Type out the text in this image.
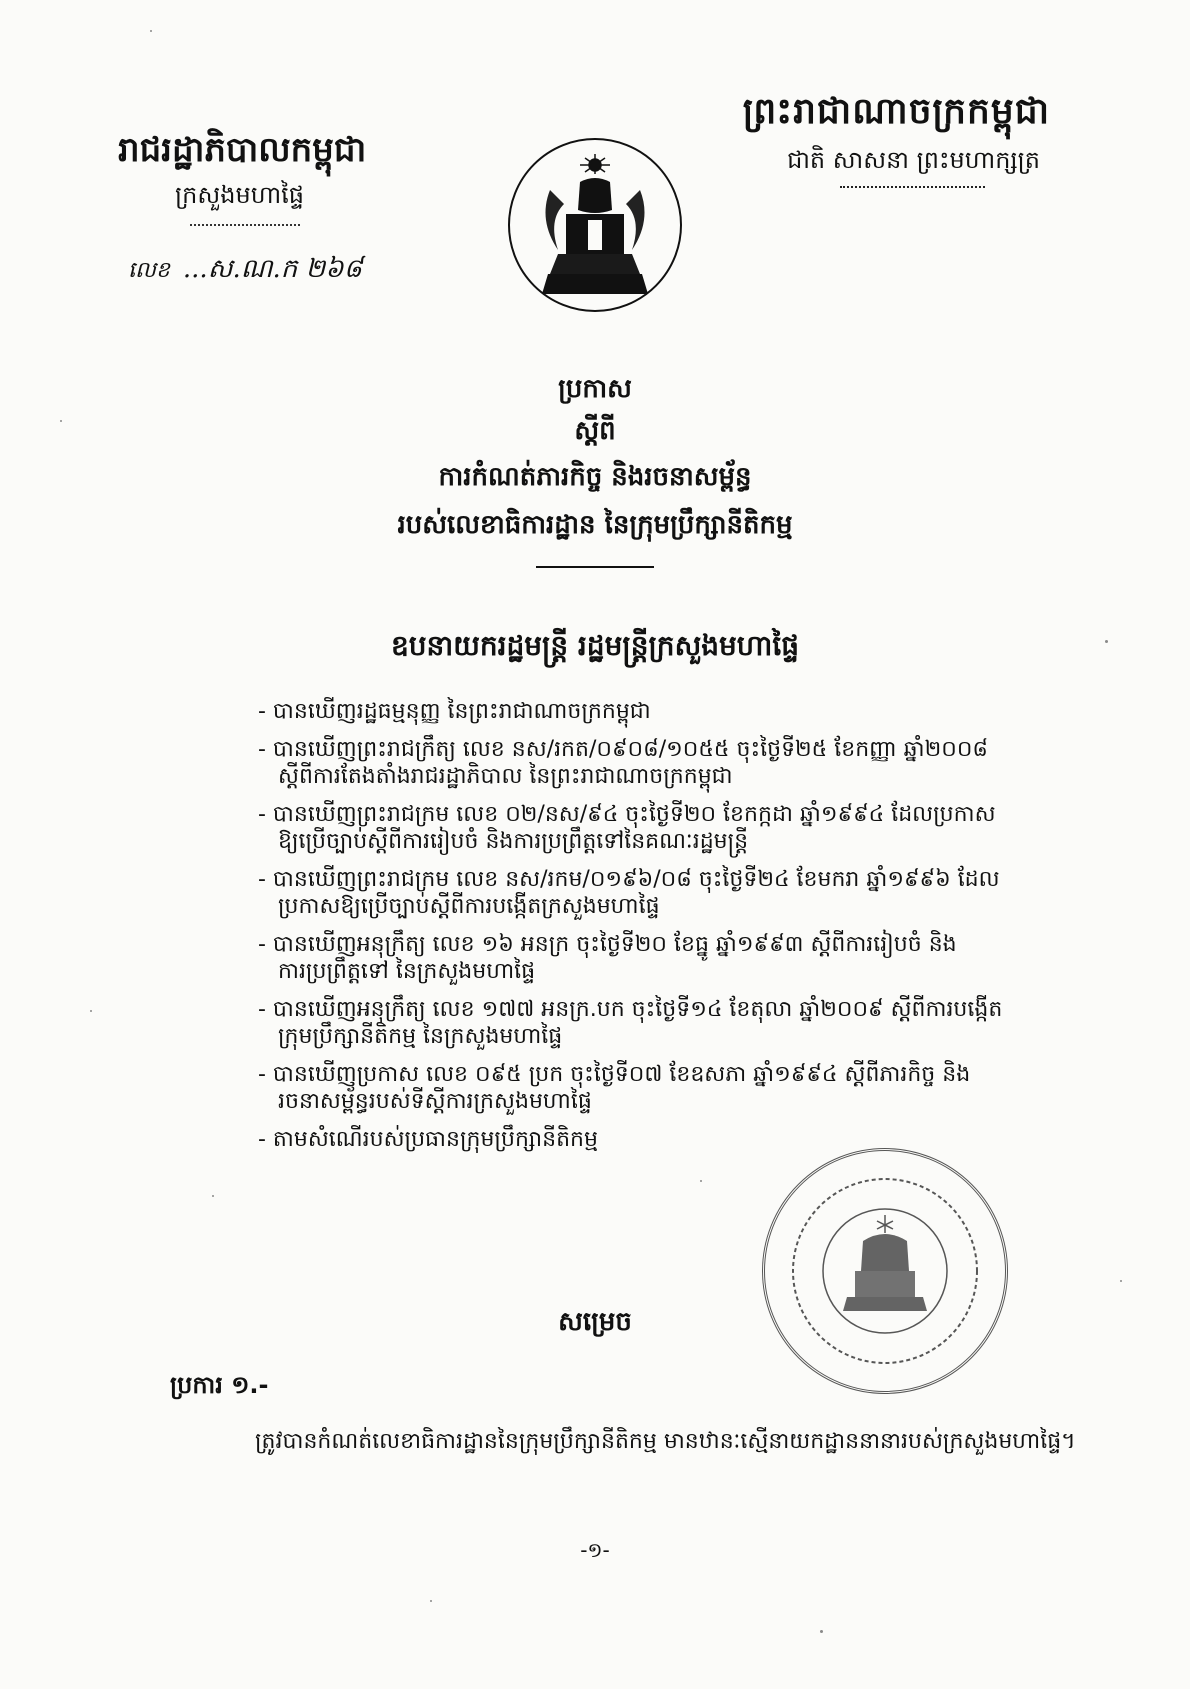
ព្រះរាជាណាចក្រកម្ពុជា
ជាតិ សាសនា ព្រះមហាក្សត្រ
រាជរដ្ឋាភិបាលកម្ពុជា
ក្រសួងមហាផ្ទៃ
លេខ ...ស.ណ.ក ២៦៨
ប្រកាស
ស្ដីពី
ការកំណត់ភារកិច្ច និងរចនាសម្ព័ន្ធ
របស់លេខាធិការដ្ឋាន នៃក្រុមប្រឹក្សានីតិកម្ម
ឧបនាយករដ្ឋមន្ត្រី រដ្ឋមន្ត្រីក្រសួងមហាផ្ទៃ
- បានឃើញរដ្ឋធម្មនុញ្ញ នៃព្រះរាជាណាចក្រកម្ពុជា
- បានឃើញព្រះរាជក្រឹត្យ លេខ នស/រកត/០៩០៨/១០៥៥ ចុះថ្ងៃទី២៥ ខែកញ្ញា ឆ្នាំ២០០៨
ស្ដីពីការតែងតាំងរាជរដ្ឋាភិបាល នៃព្រះរាជាណាចក្រកម្ពុជា
- បានឃើញព្រះរាជក្រម លេខ ០២/នស/៩៤ ចុះថ្ងៃទី២០ ខែកក្កដា ឆ្នាំ១៩៩៤ ដែលប្រកាស
ឱ្យប្រើច្បាប់ស្ដីពីការរៀបចំ និងការប្រព្រឹត្តទៅនៃគណៈរដ្ឋមន្ត្រី
- បានឃើញព្រះរាជក្រម លេខ នស/រកម/០១៩៦/០៨ ចុះថ្ងៃទី២៤ ខែមករា ឆ្នាំ១៩៩៦ ដែល
ប្រកាសឱ្យប្រើច្បាប់ស្ដីពីការបង្កើតក្រសួងមហាផ្ទៃ
- បានឃើញអនុក្រឹត្យ លេខ ១៦ អនក្រ ចុះថ្ងៃទី២០ ខែធ្នូ ឆ្នាំ១៩៩៣ ស្ដីពីការរៀបចំ និង
ការប្រព្រឹត្តទៅ នៃក្រសួងមហាផ្ទៃ
- បានឃើញអនុក្រឹត្យ លេខ ១៧៧ អនក្រ.បក ចុះថ្ងៃទី១៤ ខែតុលា ឆ្នាំ២០០៩ ស្ដីពីការបង្កើត
ក្រុមប្រឹក្សានីតិកម្ម នៃក្រសួងមហាផ្ទៃ
- បានឃើញប្រកាស លេខ ០៩៥ ប្រក ចុះថ្ងៃទី០៧ ខែឧសភា ឆ្នាំ១៩៩៤ ស្ដីពីភារកិច្ច និង
រចនាសម្ព័ន្ធរបស់ទីស្ដីការក្រសួងមហាផ្ទៃ
- តាមសំណើរបស់ប្រធានក្រុមប្រឹក្សានីតិកម្ម
សម្រេច
ប្រការ ១.-
ត្រូវបានកំណត់លេខាធិការដ្ឋាននៃក្រុមប្រឹក្សានីតិកម្ម មានឋានៈស្មើនាយកដ្ឋាននានារបស់ក្រសួងមហាផ្ទៃ។
-១-
